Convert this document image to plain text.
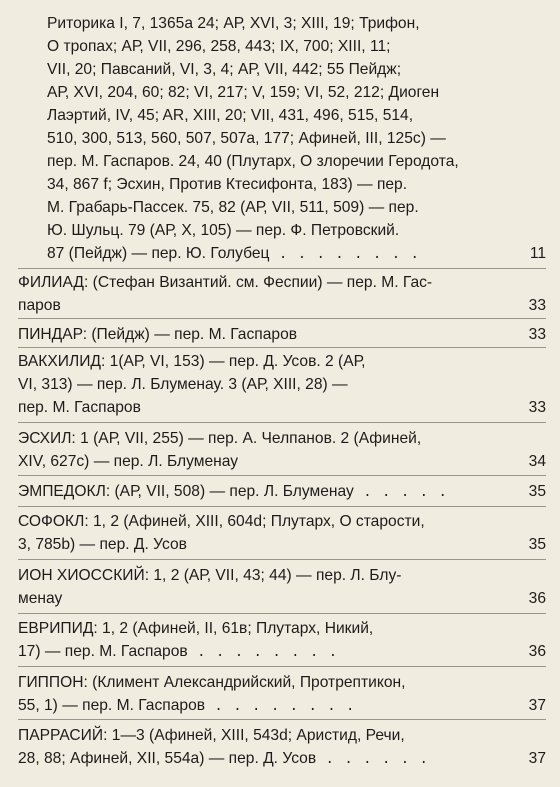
Риторика I, 7, 1365а 24; АР, XVI, 3; XIII, 19; Трифон,

О тропах; АР, VII, 296, 258, 443; IX, 700; XIII, 11;

VII, 20; Павсаний, VI, 3, 4; АР, VII, 442; 55 Пейдж;

АР, XVI, 204, 60; 82; VI, 217; V, 159; VI, 52, 212; Диоген

Лаэртий, IV, 45; AR, XIII, 20; VII, 431, 496, 515, 514,

510, 300, 513, 560, 507, 507а, 177; Афиней, III, 125с) —

пер. М. Гаспаров. 24, 40 (Плутарх, О злоречии Геродота,

34, 867 f; Эсхин, Против Ктесифонта, 183) — пер.

М. Грабарь-Пассек. 75, 82 (АР, VII, 511, 509) — пер.

Ю. Шульц. 79 (АР, X, 105) — пер. Ф. Петровский.

87 (Пейдж) — пер. Ю. Голубец . . . . . . . .	11

ФИЛИАД: (Стефан Византий. см. Феспии) — пер. М. Гас-

паров	33

ПИНДАР: (Пейдж) — пер. М. Гаспаров	33

ВАКХИЛИД: 1(АР, VI, 153) — пер. Д. Усов. 2 (АР,

VI, 313) — пер. Л. Блуменау. 3 (АР, XIII, 28) —

пер. М. Гаспаров	33

ЭСХИЛ: 1 (АР, VII, 255) — пер. А. Челпанов. 2 (Афиней,

XIV, 627с) — пер. Л. Блуменау	34

ЭМПЕДОКЛ: (АР, VII, 508) — пер. Л. Блуменау . . . . .	35

СОФОКЛ: 1, 2 (Афиней, XIII, 604d; Плутарх, О старости,

3, 785b) — пер. Д. Усов	35

ИОН ХИОССКИЙ: 1, 2 (АР, VII, 43; 44) — пер. Л. Блу-

менау	36

ЕВРИПИД: 1, 2 (Афиней, II, 61в; Плутарх, Никий,

17) — пер. М. Гаспаров . . . . . . . .	36

ГИППОН: (Климент Александрийский, Протрептикон,

55, 1) — пер. М. Гаспаров . . . . . . . .	37

ПАРРАСИЙ: 1—3 (Афиней, XIII, 543d; Аристид, Речи,

28, 88; Афиней, XII, 554а) — пер. Д. Усов . . . . . .	37
